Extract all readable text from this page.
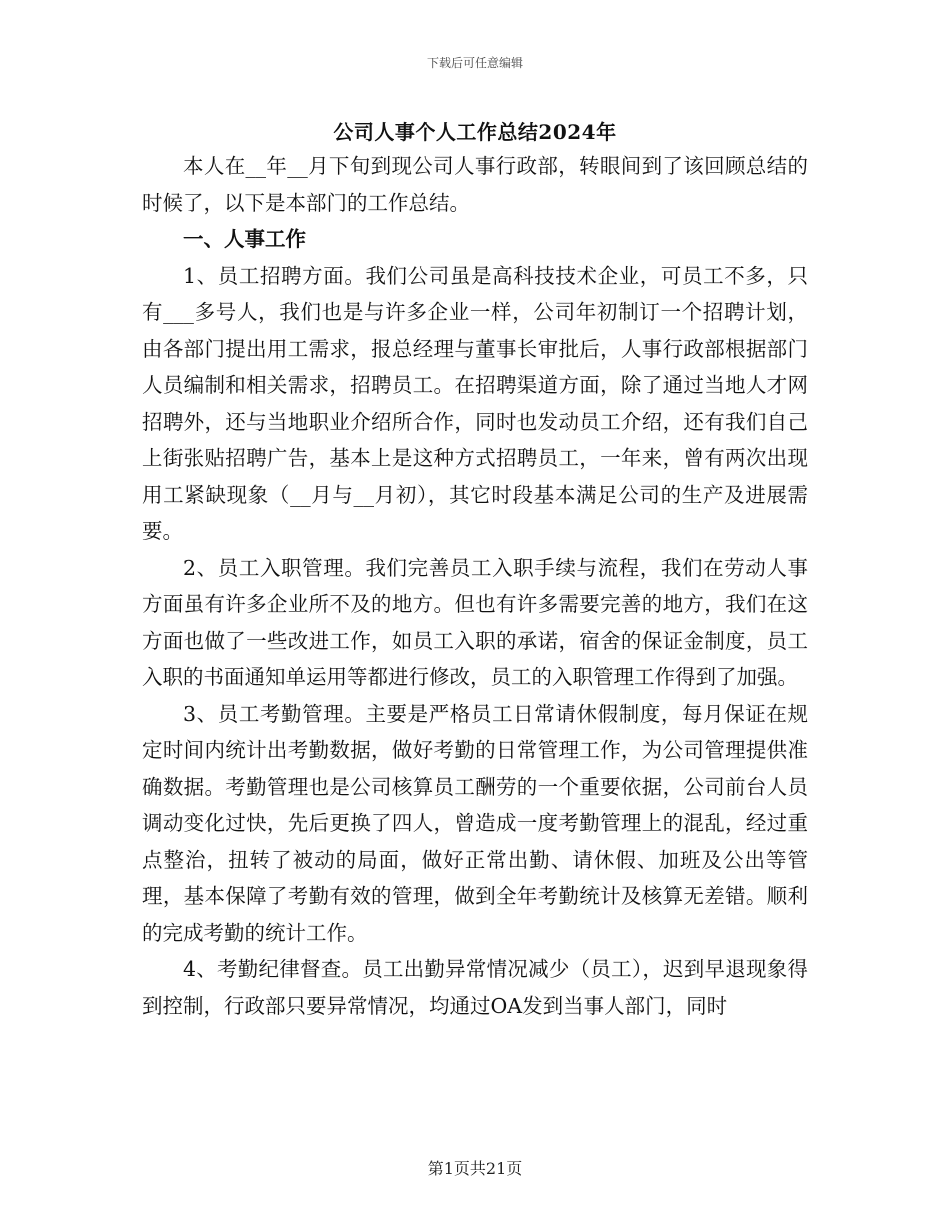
下载后可任意编辑
公司人事个人工作总结2024年

本人在__年__月下旬到现公司人事行政部，转眼间到了该回顾总结的时候了，以下是本部门的工作总结。

一、人事工作

1、员工招聘方面。我们公司虽是高科技技术企业，可员工不多，只有___多号人，我们也是与许多企业一样，公司年初制订一个招聘计划，由各部门提出用工需求，报总经理与董事长审批后，人事行政部根据部门人员编制和相关需求，招聘员工。在招聘渠道方面，除了通过当地人才网招聘外，还与当地职业介绍所合作，同时也发动员工介绍，还有我们自己上街张贴招聘广告，基本上是这种方式招聘员工，一年来，曾有两次出现用工紧缺现象（__月与__月初），其它时段基本满足公司的生产及进展需要。

2、员工入职管理。我们完善员工入职手续与流程，我们在劳动人事方面虽有许多企业所不及的地方。但也有许多需要完善的地方，我们在这方面也做了一些改进工作，如员工入职的承诺，宿舍的保证金制度，员工入职的书面通知单运用等都进行修改，员工的入职管理工作得到了加强。

3、员工考勤管理。主要是严格员工日常请休假制度，每月保证在规定时间内统计出考勤数据，做好考勤的日常管理工作，为公司管理提供准确数据。考勤管理也是公司核算员工酬劳的一个重要依据，公司前台人员调动变化过快，先后更换了四人，曾造成一度考勤管理上的混乱，经过重点整治，扭转了被动的局面，做好正常出勤、请休假、加班及公出等管理，基本保障了考勤有效的管理，做到全年考勤统计及核算无差错。顺利的完成考勤的统计工作。

4、考勤纪律督查。员工出勤异常情况减少（员工），迟到早退现象得到控制，行政部只要异常情况，均通过OA发到当事人部门，同时

第1页共21页
